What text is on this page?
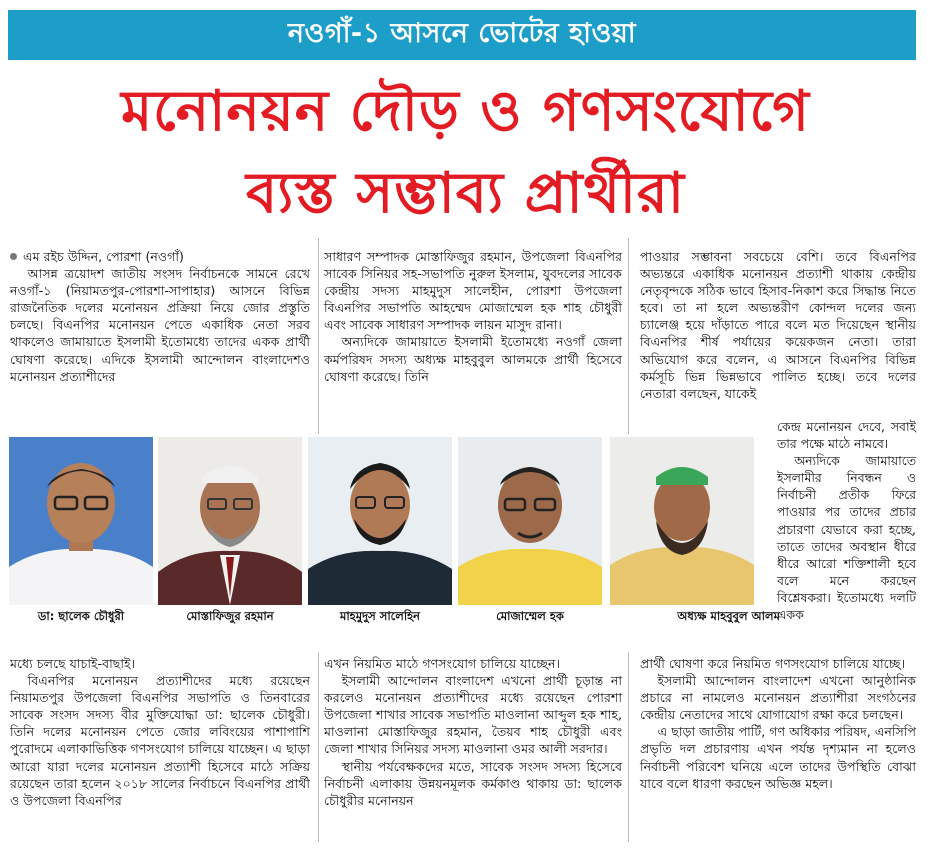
নওগাঁ-১ আসনে ভোটের হাওয়া
মনোনয়ন দৌড় ও গণসংযোগে
ব্যস্ত সম্ভাব্য প্রার্থীরা
এম রইচ উদ্দিন, পোরশা (নওগাঁ)

আসন্ন ত্রয়োদশ জাতীয় সংসদ নির্বাচনকে সামনে রেখে নওগাঁ-১ (নিয়ামতপুর-পোরশা-সাপাহার) আসনে বিভিন্ন রাজনৈতিক দলের মনোনয়ন প্রক্রিয়া নিয়ে জোর প্রস্তুতি চলছে। বিএনপির মনোনয়ন পেতে একাধিক নেতা সরব থাকলেও জামায়াতে ইসলামী ইতোমধ্যে তাদের একক প্রার্থী ঘোষণা করেছে। এদিকে ইসলামী আন্দোলন বাংলাদেশও মনোনয়ন প্রত্যাশীদের

সাধারণ সম্পাদক মোস্তাফিজুর রহমান, উপজেলা বিএনপির সাবেক সিনিয়র সহ-সভাপতি নুরুল ইসলাম, যুবদলের সাবেক কেন্দ্রীয় সদস্য মাহমুদুস সালেহীন, পোরশা উপজেলা বিএনপির সভাপতি আহম্মেদ মোজাম্মেল হক শাহ চৌধুরী এবং সাবেক সাধারণ সম্পাদক লায়ন মাসুদ রানা।

অন্যদিকে জামায়াতে ইসলামী ইতোমধ্যে নওগাঁ জেলা কর্মপরিষদ সদস্য অধ্যক্ষ মাহবুবুল আলমকে প্রার্থী হিসেবে ঘোষণা করেছে। তিনি

পাওয়ার সম্ভাবনা সবচেয়ে বেশি। তবে বিএনপির অভ্যন্তরে একাধিক মনোনয়ন প্রত্যাশী থাকায় কেন্দ্রীয় নেতৃবৃন্দকে সঠিক ভাবে হিসাব-নিকাশ করে সিদ্ধান্ত নিতে হবে। তা না হলে অভ্যন্তরীণ কোন্দল দলের জন্য চ্যালেঞ্জ হয়ে দাঁড়াতে পারে বলে মত দিয়েছেন স্থানীয় বিএনপির শীর্ষ পর্যায়ের কয়েকজন নেতা। তারা অভিযোগ করে বলেন, এ আসনে বিএনপির বিভিন্ন কর্মসূচি ভিন্ন ভিন্নভাবে পালিত হচ্ছে। তবে দলের নেতারা বলছেন, যাকেই

কেন্দ্র মনোনয়ন দেবে, সবাই তার পক্ষে মাঠে নামবে।

অন্যদিকে জামায়াতে ইসলামীর নিবন্ধন ও নির্বাচনী প্রতীক ফিরে পাওয়ার পর তাদের প্রচার প্রচারণা যেভাবে করা হচ্ছে, তাতে তাদের অবস্থান ধীরে ধীরে আরো শক্তিশালী হবে বলে মনে করছেন বিশ্লেষকরা। ইতোমধ্যে দলটি একক

ডা: ছালেক চৌধুরী	মোস্তাফিজুর রহমান	মাহমুদুস সালেহিন	মোজাম্মেল হক	অধ্যক্ষ মাহবুবুল আলম

মধ্যে চলছে যাচাই-বাছাই।

বিএনপির মনোনয়ন প্রত্যাশীদের মধ্যে রয়েছেন নিয়ামতপুর উপজেলা বিএনপির সভাপতি ও তিনবারের সাবেক সংসদ সদস্য বীর মুক্তিযোদ্ধা ডা: ছালেক চৌধুরী। তিনি দলের মনোনয়ন পেতে জোর লবিংয়ের পাশাপাশি পুরোদমে এলাকাভিত্তিক গণসংযোগ চালিয়ে যাচ্ছেন। এ ছাড়া আরো যারা দলের মনোনয়ন প্রত্যাশী হিসেবে মাঠে সক্রিয় রয়েছেন তারা হলেন ২০১৮ সালের নির্বাচনে বিএনপির প্রার্থী ও উপজেলা বিএনপির

এখন নিয়মিত মাঠে গণসংযোগ চালিয়ে যাচ্ছেন।

ইসলামী আন্দোলন বাংলাদেশ এখনো প্রার্থী চূড়ান্ত না করলেও মনোনয়ন প্রত্যাশীদের মধ্যে রয়েছেন পোরশা উপজেলা শাখার সাবেক সভাপতি মাওলানা আব্দুল হক শাহ, মাওলানা মোস্তাফিজুর রহমান, তৈয়ব শাহ চৌধুরী এবং জেলা শাখার সিনিয়র সদস্য মাওলানা ওমর আলী সরদার।

স্থানীয় পর্যবেক্ষকদের মতে, সাবেক সংসদ সদস্য হিসেবে নির্বাচনী এলাকায় উন্নয়নমূলক কর্মকাণ্ড থাকায় ডা: ছালেক চৌধুরীর মনোনয়ন

প্রার্থী ঘোষণা করে নিয়মিত গণসংযোগ চালিয়ে যাচ্ছে।

ইসলামী আন্দোলন বাংলাদেশ এখনো আনুষ্ঠানিক প্রচারে না নামলেও মনোনয়ন প্রত্যাশীরা সংগঠনের কেন্দ্রীয় নেতাদের সাথে যোগাযোগ রক্ষা করে চলছেন।

এ ছাড়া জাতীয় পার্টি, গণ অধিকার পরিষদ, এনসিপি প্রভৃতি দল প্রচারণায় এখন পর্যন্ত দৃশ্যমান না হলেও নির্বাচনী পরিবেশ ঘনিয়ে এলে তাদের উপস্থিতি বোঝা যাবে বলে ধারণা করছেন অভিজ্ঞ মহল।
